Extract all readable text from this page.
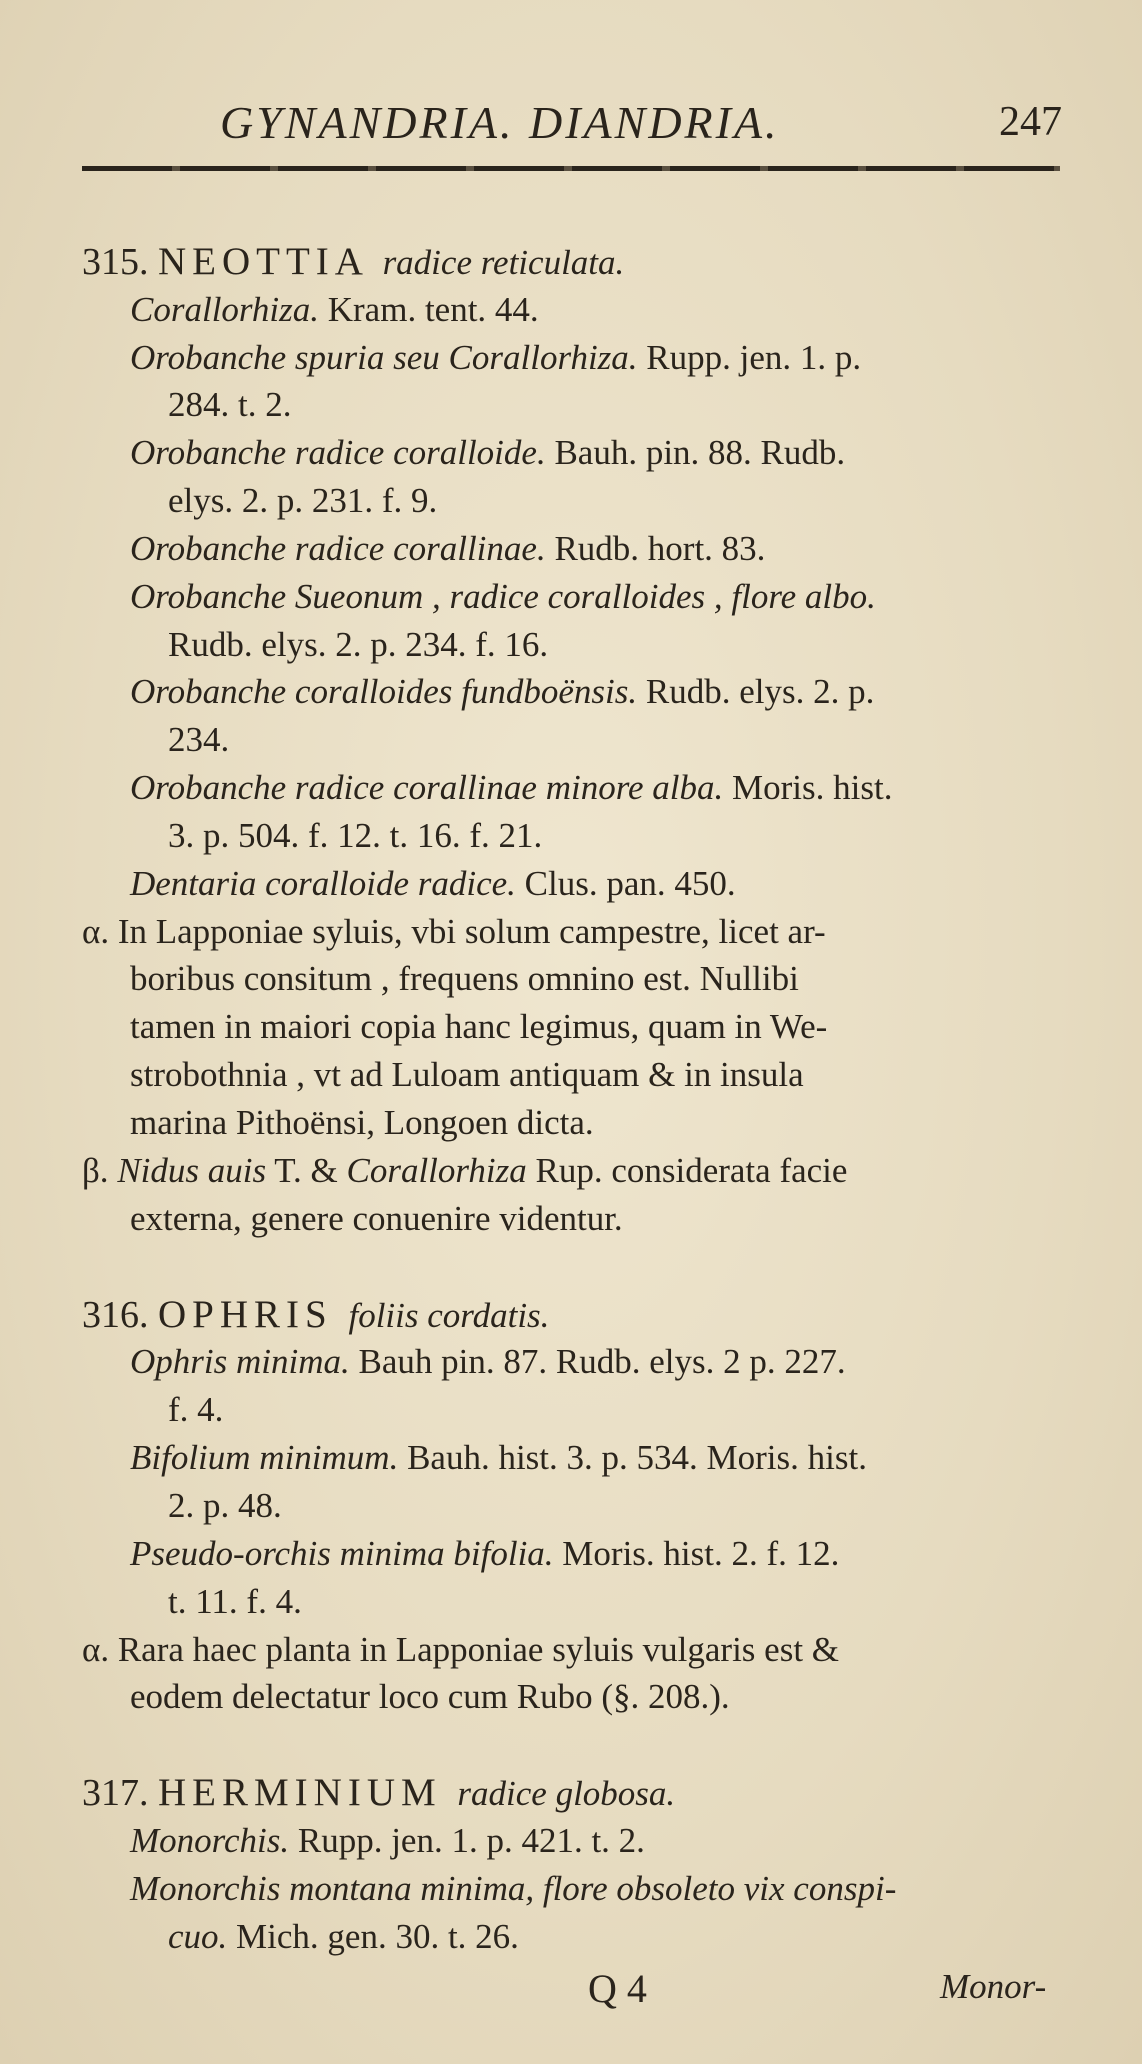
GYNANDRIA. DIANDRIA.	247
315. NEOTTIA radice reticulata.
Corallorhiza. Kram. tent. 44.
Orobanche spuria seu Corallorhiza. Rupp. jen. 1. p.
284. t. 2.
Orobanche radice coralloide. Bauh. pin. 88. Rudb.
elys. 2. p. 231. f. 9.
Orobanche radice corallinae. Rudb. hort. 83.
Orobanche Sueonum , radice coralloides , flore albo.
Rudb. elys. 2. p. 234. f. 16.
Orobanche coralloides fundboënsis. Rudb. elys. 2. p.
234.
Orobanche radice corallinae minore alba. Moris. hist.
3. p. 504. f. 12. t. 16. f. 21.
Dentaria coralloide radice. Clus. pan. 450.
α. In Lapponiae syluis, vbi solum campestre, licet ar-
boribus consitum , frequens omnino est. Nullibi
tamen in maiori copia hanc legimus, quam in We-
strobothnia , vt ad Luloam antiquam & in insula
marina Pithoënsi, Longoen dicta.
β. Nidus auis T. & Corallorhiza Rup. considerata facie
externa, genere conuenire videntur.
316. OPHRIS foliis cordatis.
Ophris minima. Bauh pin. 87. Rudb. elys. 2 p. 227.
f. 4.
Bifolium minimum. Bauh. hist. 3. p. 534. Moris. hist.
2. p. 48.
Pseudo-orchis minima bifolia. Moris. hist. 2. f. 12.
t. 11. f. 4.
α. Rara haec planta in Lapponiae syluis vulgaris est &
eodem delectatur loco cum Rubo (§. 208.).
317. HERMINIUM radice globosa.
Monorchis. Rupp. jen. 1. p. 421. t. 2.
Monorchis montana minima, flore obsoleto vix conspi-
cuo. Mich. gen. 30. t. 26.
Q 4	Monor-
